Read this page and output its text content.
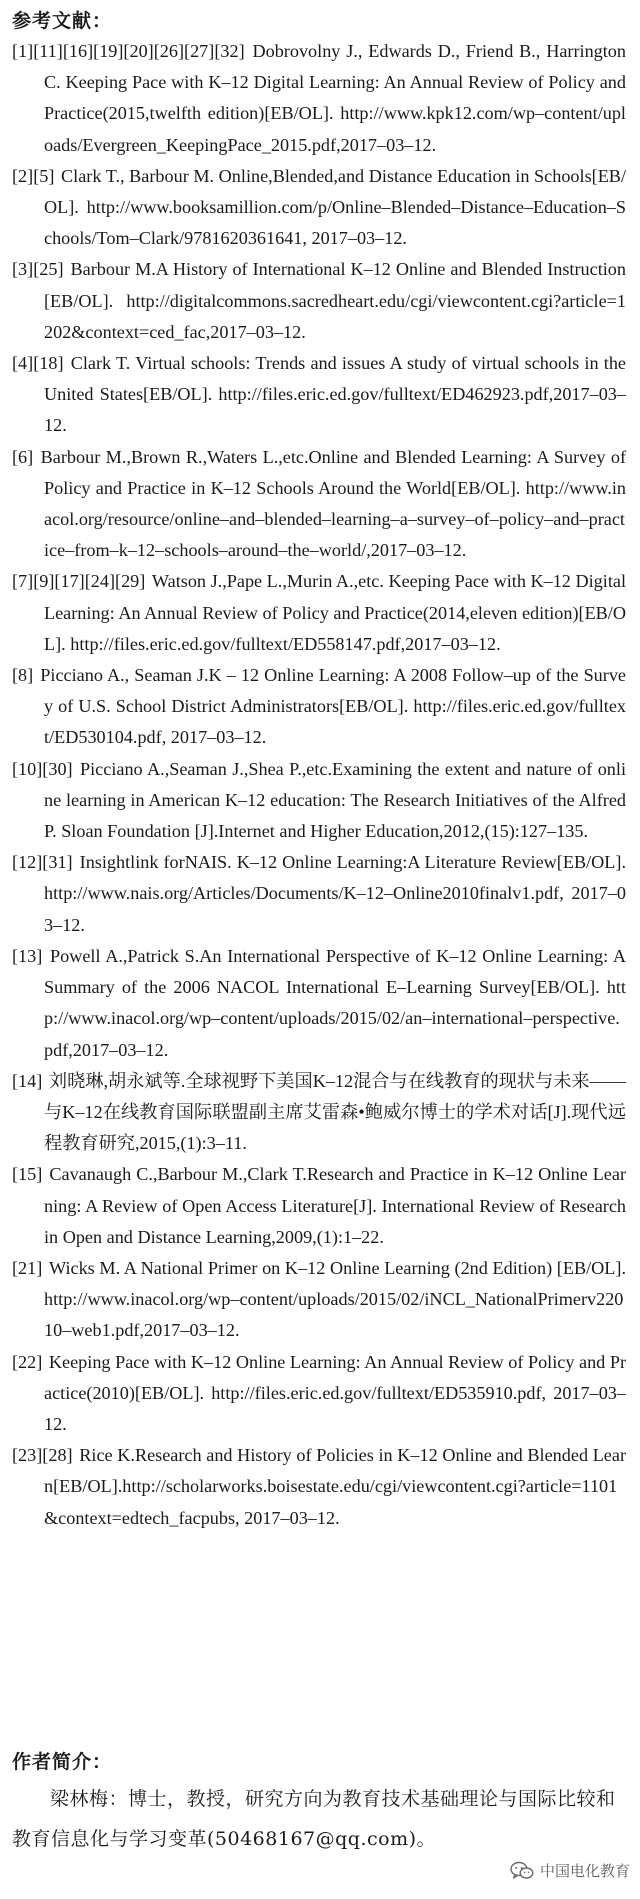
参考文献：
[1][11][16][19][20][26][27][32] Dobrovolny J., Edwards D., Friend B., Harrington C. Keeping Pace with K–12 Digital Learning: An Annual Review of Policy and Practice(2015,twelfth edition)[EB/OL]. http://www.kpk12.com/wp–content/uploads/Evergreen_KeepingPace_2015.pdf,2017–03–12.
[2][5] Clark T., Barbour M. Online,Blended,and Distance Education in Schools[EB/OL]. http://www.booksamillion.com/p/Online–Blended–Distance–Education–Schools/Tom–Clark/9781620361641, 2017–03–12.
[3][25] Barbour M.A History of International K–12 Online and Blended Instruction[EB/OL]. http://digitalcommons.sacredheart.edu/cgi/viewcontent.cgi?article=1202&context=ced_fac,2017–03–12.
[4][18] Clark T. Virtual schools: Trends and issues A study of virtual schools in the United States[EB/OL]. http://files.eric.ed.gov/fulltext/ED462923.pdf,2017–03–12.
[6] Barbour M.,Brown R.,Waters L.,etc.Online and Blended Learning: A Survey of Policy and Practice in K–12 Schools Around the World[EB/OL]. http://www.inacol.org/resource/online–and–blended–learning–a–survey–of–policy–and–practice–from–k–12–schools–around–the–world/,2017–03–12.
[7][9][17][24][29] Watson J.,Pape L.,Murin A.,etc. Keeping Pace with K–12 Digital Learning: An Annual Review of Policy and Practice(2014,eleven edition)[EB/OL]. http://files.eric.ed.gov/fulltext/ED558147.pdf,2017–03–12.
[8] Picciano A., Seaman J.K – 12 Online Learning: A 2008 Follow–up of the Survey of U.S. School District Administrators[EB/OL]. http://files.eric.ed.gov/fulltext/ED530104.pdf, 2017–03–12.
[10][30] Picciano A.,Seaman J.,Shea P.,etc.Examining the extent and nature of online learning in American K–12 education: The Research Initiatives of the Alfred P. Sloan Foundation [J].Internet and Higher Education,2012,(15):127–135.
[12][31] Insightlink forNAIS. K–12 Online Learning:A Literature Review[EB/OL].http://www.nais.org/Articles/Documents/K–12–Online2010finalv1.pdf, 2017–03–12.
[13] Powell A.,Patrick S.An International Perspective of K–12 Online Learning: A Summary of the 2006 NACOL International E–Learning Survey[EB/OL]. http://www.inacol.org/wp–content/uploads/2015/02/an–international–perspective.pdf,2017–03–12.
[14] 刘晓琳,胡永斌等.全球视野下美国K–12混合与在线教育的现状与未来——与K–12在线教育国际联盟副主席艾雷森•鲍威尔博士的学术对话[J].现代远程教育研究,2015,(1):3–11.
[15] Cavanaugh C.,Barbour M.,Clark T.Research and Practice in K–12 Online Learning: A Review of Open Access Literature[J]. International Review of Research in Open and Distance Learning,2009,(1):1–22.
[21] Wicks M. A National Primer on K–12 Online Learning (2nd Edition) [EB/OL].http://www.inacol.org/wp–content/uploads/2015/02/iNCL_NationalPrimerv22010–web1.pdf,2017–03–12.
[22] Keeping Pace with K–12 Online Learning: An Annual Review of Policy and Practice(2010)[EB/OL]. http://files.eric.ed.gov/fulltext/ED535910.pdf, 2017–03–12.
[23][28] Rice K.Research and History of Policies in K–12 Online and Blended Learn[EB/OL].http://scholarworks.boisestate.edu/cgi/viewcontent.cgi?article=1101&context=edtech_facpubs, 2017–03–12.
作者简介：

梁林梅：博士，教授，研究方向为教育技术基础理论与国际比较和教育信息化与学习变革(50468167@qq.com)。

中国电化教育
